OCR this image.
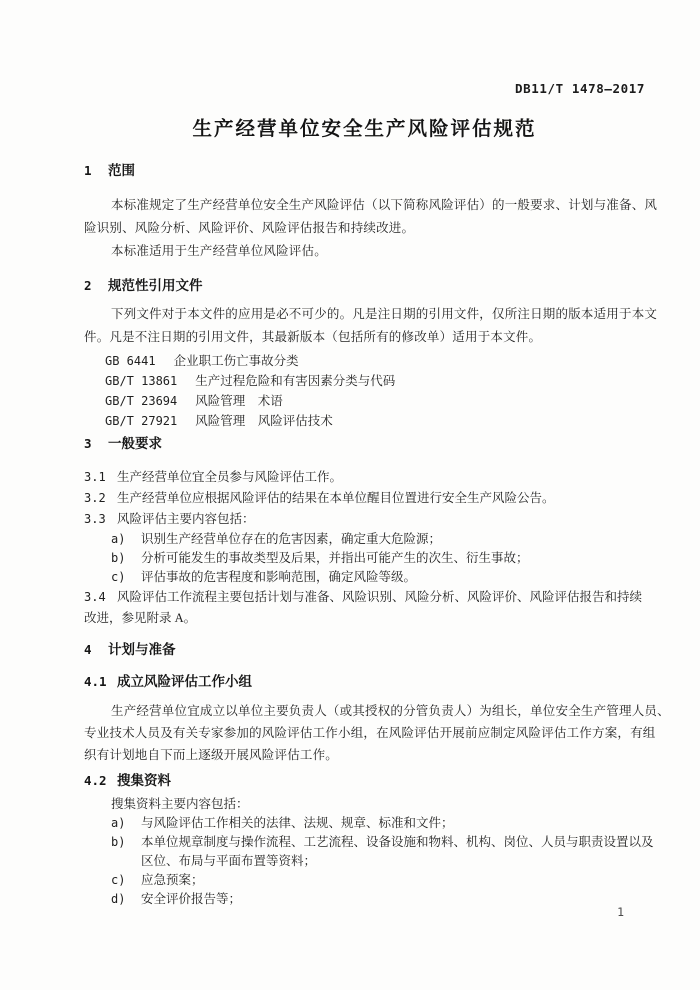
DB11/T 1478—2017
生产经营单位安全生产风险评估规范
1 范围
本标准规定了生产经营单位安全生产风险评估（以下简称风险评估）的一般要求、计划与准备、风
险识别、风险分析、风险评价、风险评估报告和持续改进。
本标准适用于生产经营单位风险评估。
2 规范性引用文件
下列文件对于本文件的应用是必不可少的。凡是注日期的引用文件，仅所注日期的版本适用于本文
件。凡是不注日期的引用文件，其最新版本（包括所有的修改单）适用于本文件。
GB 6441 企业职工伤亡事故分类
GB/T 13861 生产过程危险和有害因素分类与代码
GB/T 23694 风险管理　术语
GB/T 27921 风险管理　风险评估技术
3 一般要求
3.1 生产经营单位宜全员参与风险评估工作。
3.2 生产经营单位应根据风险评估的结果在本单位醒目位置进行安全生产风险公告。
3.3 风险评估主要内容包括：
a) 识别生产经营单位存在的危害因素，确定重大危险源；
b) 分析可能发生的事故类型及后果，并指出可能产生的次生、衍生事故；
c) 评估事故的危害程度和影响范围，确定风险等级。
3.4 风险评估工作流程主要包括计划与准备、风险识别、风险分析、风险评价、风险评估报告和持续
改进，参见附录 A。
4 计划与准备
4.1 成立风险评估工作小组
生产经营单位宜成立以单位主要负责人（或其授权的分管负责人）为组长，单位安全生产管理人员、
专业技术人员及有关专家参加的风险评估工作小组，在风险评估开展前应制定风险评估工作方案，有组
织有计划地自下而上逐级开展风险评估工作。
4.2 搜集资料
搜集资料主要内容包括：
a) 与风险评估工作相关的法律、法规、规章、标准和文件；
b) 本单位规章制度与操作流程、工艺流程、设备设施和物料、机构、岗位、人员与职责设置以及
区位、布局与平面布置等资料；
c) 应急预案；
d) 安全评价报告等；
1
